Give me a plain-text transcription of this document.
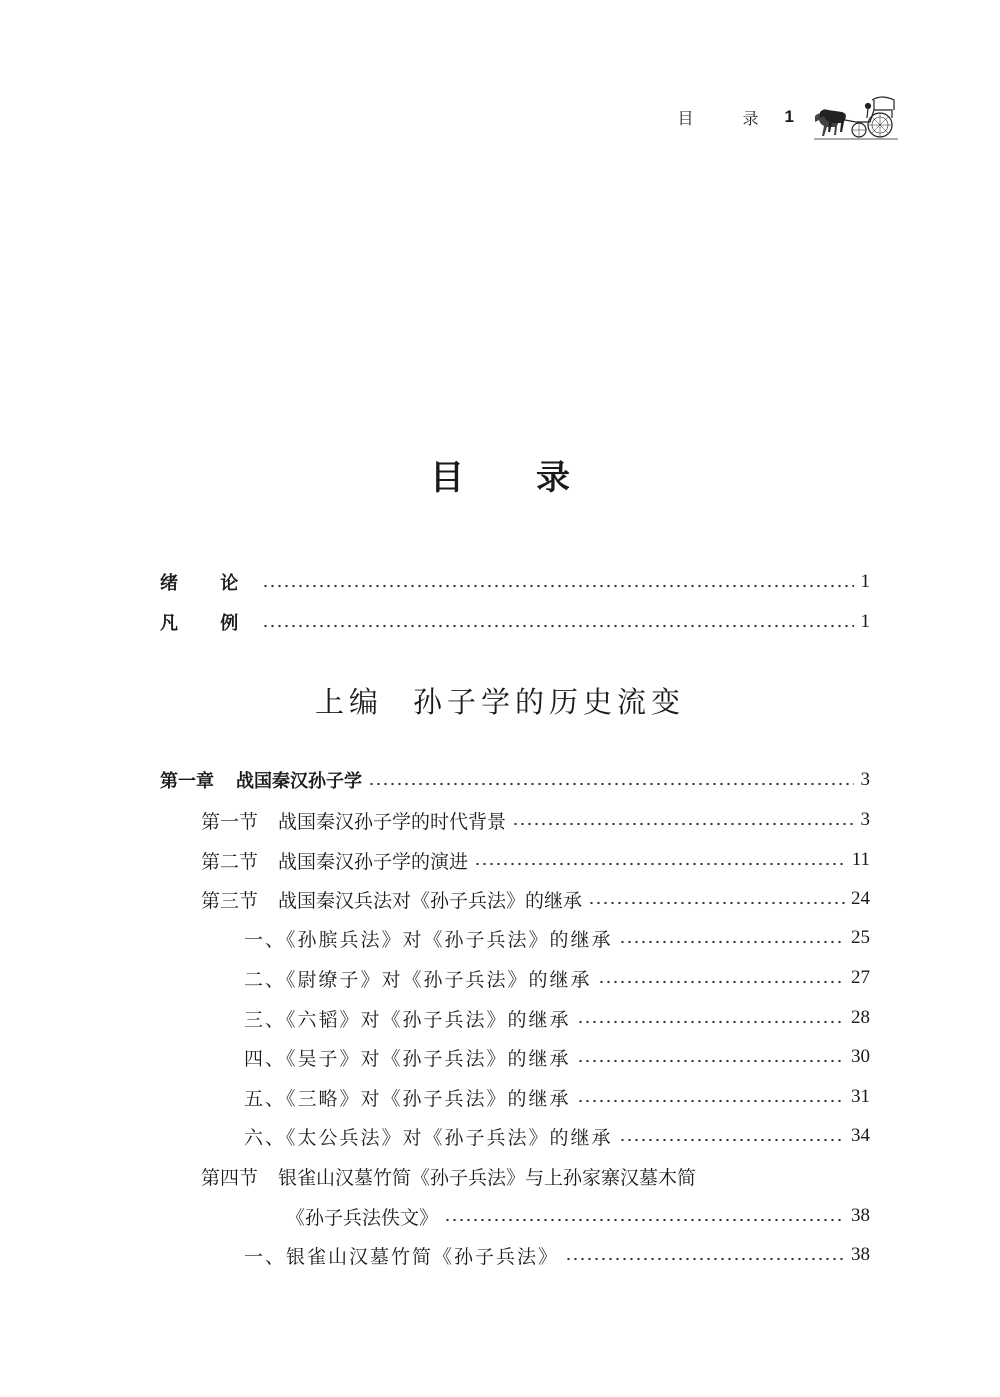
目 录 1
目录
绪 论	1
凡 例	1
上编 孙子学的历史流变
第一章 战国秦汉孙子学	3
第一节 战国秦汉孙子学的时代背景	3
第二节 战国秦汉孙子学的演进	11
第三节 战国秦汉兵法对《孙子兵法》的继承	24
一、《孙膑兵法》对《孙子兵法》的继承	25
二、《尉缭子》对《孙子兵法》的继承	27
三、《六韬》对《孙子兵法》的继承	28
四、《吴子》对《孙子兵法》的继承	30
五、《三略》对《孙子兵法》的继承	31
六、《太公兵法》对《孙子兵法》的继承	34
第四节 银雀山汉墓竹简《孙子兵法》与上孙家寨汉墓木简
《孙子兵法佚文》	38
一、银雀山汉墓竹简《孙子兵法》	38
